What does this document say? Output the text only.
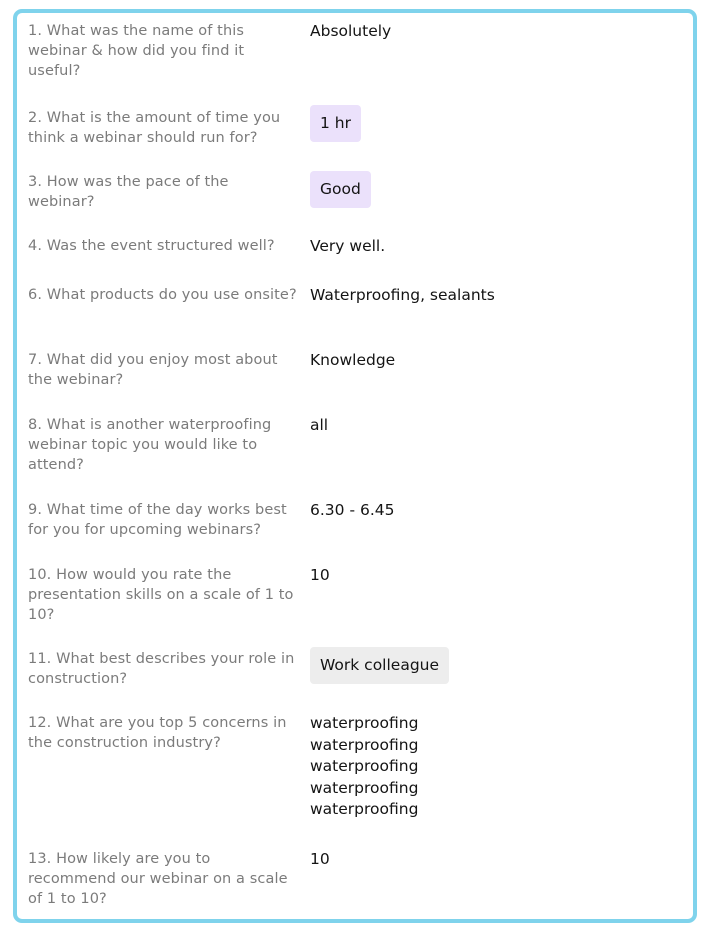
1. What was the name of this webinar & how did you find it useful?
Absolutely
2. What is the amount of time you think a webinar should run for?
1 hr
3. How was the pace of the webinar?
Good
4. Was the event structured well?	Very well.
6. What products do you use onsite? Waterproofing, sealants
7. What did you enjoy most about the webinar?
Knowledge
8. What is another waterproofing webinar topic you would like to attend?
all
9. What time of the day works best for you for upcoming webinars?
6.30 - 6.45
10. How would you rate the presentation skills on a scale of 1 to 10?
10
11. What best describes your role in construction?
Work colleague
12. What are you top 5 concerns in the construction industry?
waterproofing
waterproofing
waterproofing
waterproofing
waterproofing
13. How likely are you to recommend our webinar on a scale of 1 to 10?
10
